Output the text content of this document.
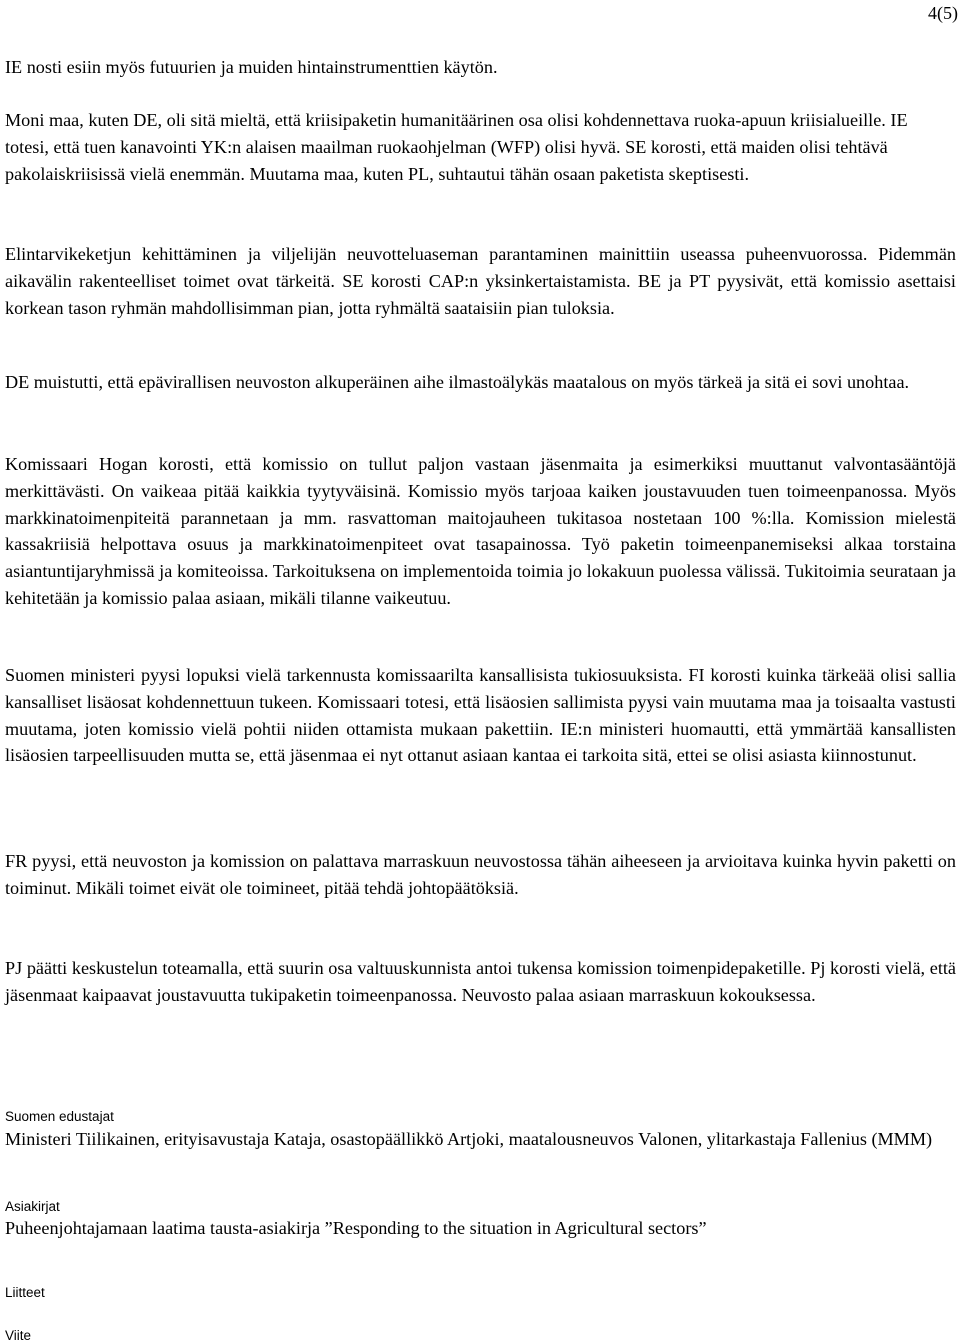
4(5)

IE nosti esiin myös futuurien ja muiden hintainstrumenttien käytön.

Moni maa, kuten DE, oli sitä mieltä, että kriisipaketin humanitäärinen osa olisi kohdennettava ruoka-apuun kriisialueille. IE totesi, että tuen kanavointi YK:n alaisen maailman ruokaohjelman (WFP) olisi hyvä. SE korosti, että maiden olisi tehtävä pakolaiskriisissä vielä enemmän. Muutama maa, kuten PL, suhtautui tähän osaan paketista skeptisesti.

Elintarvikeketjun kehittäminen ja viljelijän neuvotteluaseman parantaminen mainittiin useassa puheenvuorossa. Pidemmän aikavälin rakenteelliset toimet ovat tärkeitä. SE korosti CAP:n yksinkertaistamista. BE ja PT pyysivät, että komissio asettaisi korkean tason ryhmän mahdollisimman pian, jotta ryhmältä saataisiin pian tuloksia.

DE muistutti, että epävirallisen neuvoston alkuperäinen aihe ilmastoälykäs maatalous on myös tärkeä ja sitä ei sovi unohtaa.

Komissaari Hogan korosti, että komissio on tullut paljon vastaan jäsenmaita ja esimerkiksi muuttanut valvontasääntöjä merkittävästi. On vaikeaa pitää kaikkia tyytyväisinä. Komissio myös tarjoaa kaiken joustavuuden tuen toimeenpanossa. Myös markkinatoimenpiteitä parannetaan ja mm. rasvattoman maitojauheen tukitasoa nostetaan 100 %:lla. Komission mielestä kassakriisiä helpottava osuus ja markkinatoimenpiteet ovat tasapainossa. Työ paketin toimeenpanemiseksi alkaa torstaina asiantuntijaryhmissä ja komiteoissa. Tarkoituksena on implementoida toimia jo lokakuun puolessa välissä. Tukitoimia seurataan ja kehitetään ja komissio palaa asiaan, mikäli tilanne vaikeutuu.

Suomen ministeri pyysi lopuksi vielä tarkennusta komissaarilta kansallisista tukiosuuksista. FI korosti kuinka tärkeää olisi sallia kansalliset lisäosat kohdennettuun tukeen. Komissaari totesi, että lisäosien sallimista pyysi vain muutama maa ja toisaalta vastusti muutama, joten komissio vielä pohtii niiden ottamista mukaan pakettiin. IE:n ministeri huomautti, että ymmärtää kansallisten lisäosien tarpeellisuuden mutta se, että jäsenmaa ei nyt ottanut asiaan kantaa ei tarkoita sitä, ettei se olisi asiasta kiinnostunut.

FR pyysi, että neuvoston ja komission on palattava marraskuun neuvostossa tähän aiheeseen ja arvioitava kuinka hyvin paketti on toiminut. Mikäli toimet eivät ole toimineet, pitää tehdä johtopäätöksiä.

PJ päätti keskustelun toteamalla, että suurin osa valtuuskunnista antoi tukensa komission toimenpidepaketille. Pj korosti vielä, että jäsenmaat kaipaavat joustavuutta tukipaketin toimeenpanossa. Neuvosto palaa asiaan marraskuun kokouksessa.

Suomen edustajat

Ministeri Tiilikainen, erityisavustaja Kataja, osastopäällikkö Artjoki, maatalousneuvos Valonen, ylitarkastaja Fallenius (MMM)

Asiakirjat

Puheenjohtajamaan laatima tausta-asiakirja ”Responding to the situation in Agricultural sectors”

Liitteet
Viite
